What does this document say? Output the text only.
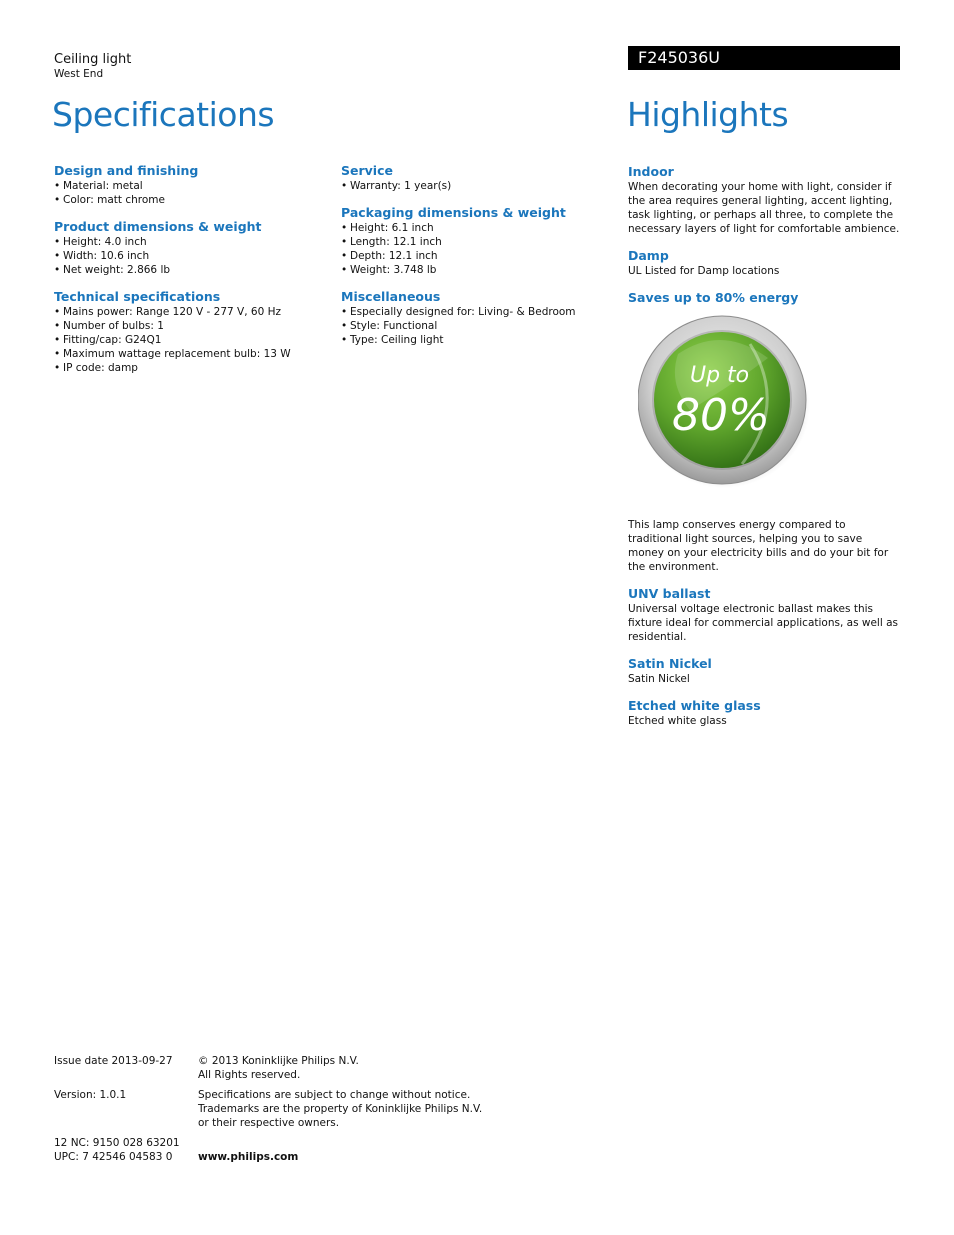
Ceiling light
West End
F245036U
Specifications	Highlights
Design and finishing
• Material: metal
• Color: matt chrome
Product dimensions & weight
• Height: 4.0 inch
• Width: 10.6 inch
• Net weight: 2.866 lb
Technical specifications
• Mains power: Range 120 V - 277 V, 60 Hz
• Number of bulbs: 1
• Fitting/cap: G24Q1
• Maximum wattage replacement bulb: 13 W
• IP code: damp
Service
• Warranty: 1 year(s)
Packaging dimensions & weight
• Height: 6.1 inch
• Length: 12.1 inch
• Depth: 12.1 inch
• Weight: 3.748 lb
Miscellaneous
• Especially designed for: Living- & Bedroom
• Style: Functional
• Type: Ceiling light
Indoor
When decorating your home with light, consider if the area requires general lighting, accent lighting, task lighting, or perhaps all three, to complete the necessary layers of light for comfortable ambience.
Damp
UL Listed for Damp locations
Saves up to 80% energy
Up to
80%
This lamp conserves energy compared to traditional light sources, helping you to save money on your electricity bills and do your bit for the environment.
UNV ballast
Universal voltage electronic ballast makes this fixture ideal for commercial applications, as well as residential.
Satin Nickel
Satin Nickel
Etched white glass
Etched white glass
Issue date 2013-09-27	© 2013 Koninklijke Philips N.V.
All Rights reserved.
Version: 1.0.1	Specifications are subject to change without notice.
Trademarks are the property of Koninklijke Philips N.V.
or their respective owners.
12 NC: 9150 028 63201
UPC: 7 42546 04583 0	www.philips.com
